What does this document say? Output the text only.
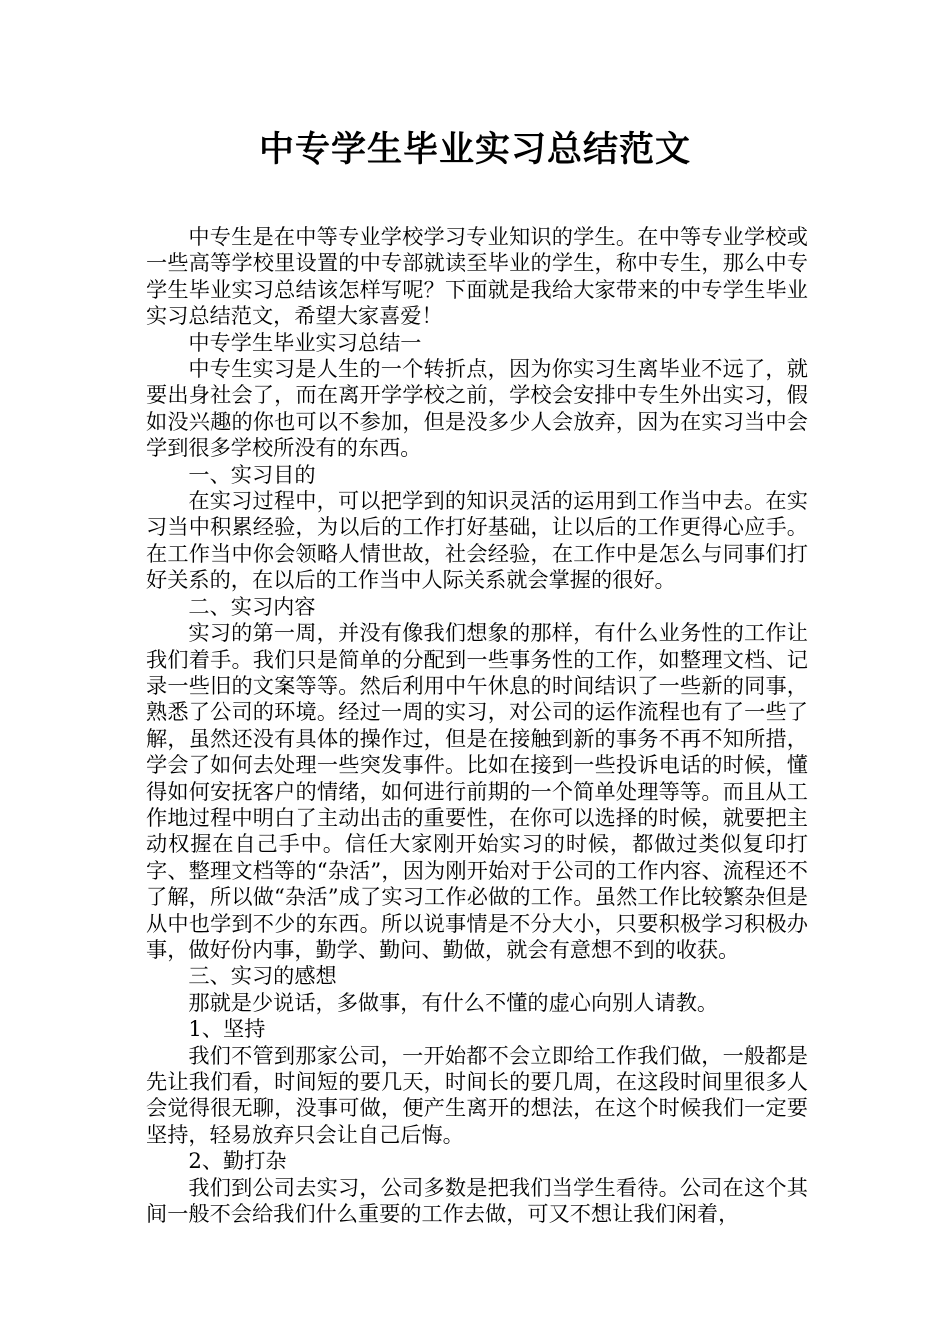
中专学生毕业实习总结范文

中专生是在中等专业学校学习专业知识的学生。在中等专业学校或一些高等学校里设置的中专部就读至毕业的学生，称中专生，那么中专学生毕业实习总结该怎样写呢？下面就是我给大家带来的中专学生毕业实习总结范文，希望大家喜爱！

中专学生毕业实习总结一

中专生实习是人生的一个转折点，因为你实习生离毕业不远了，就要出身社会了，而在离开学学校之前，学校会安排中专生外出实习，假如没兴趣的你也可以不参加，但是没多少人会放弃，因为在实习当中会学到很多学校所没有的东西。

一、实习目的

在实习过程中，可以把学到的知识灵活的运用到工作当中去。在实习当中积累经验，为以后的工作打好基础，让以后的工作更得心应手。在工作当中你会领略人情世故，社会经验，在工作中是怎么与同事们打好关系的，在以后的工作当中人际关系就会掌握的很好。

二、实习内容

实习的第一周，并没有像我们想象的那样，有什么业务性的工作让我们着手。我们只是简单的分配到一些事务性的工作，如整理文档、记录一些旧的文案等等。然后利用中午休息的时间结识了一些新的同事，熟悉了公司的环境。经过一周的实习，对公司的运作流程也有了一些了解，虽然还没有具体的操作过，但是在接触到新的事务不再不知所措，学会了如何去处理一些突发事件。比如在接到一些投诉电话的时候，懂得如何安抚客户的情绪，如何进行前期的一个简单处理等等。而且从工作地过程中明白了主动出击的重要性，在你可以选择的时候，就要把主动权握在自己手中。信任大家刚开始实习的时候，都做过类似复印打字、整理文档等的“杂活”，因为刚开始对于公司的工作内容、流程还不了解，所以做“杂活”成了实习工作必做的工作。虽然工作比较繁杂但是从中也学到不少的东西。所以说事情是不分大小，只要积极学习积极办事，做好份内事，勤学、勤问、勤做，就会有意想不到的收获。

三、实习的感想

那就是少说话，多做事，有什么不懂的虚心向别人请教。

1、坚持

我们不管到那家公司，一开始都不会立即给工作我们做，一般都是先让我们看，时间短的要几天，时间长的要几周，在这段时间里很多人会觉得很无聊，没事可做，便产生离开的想法，在这个时候我们一定要坚持，轻易放弃只会让自己后悔。

2、勤打杂

我们到公司去实习，公司多数是把我们当学生看待。公司在这个其间一般不会给我们什么重要的工作去做，可又不想让我们闲着，
